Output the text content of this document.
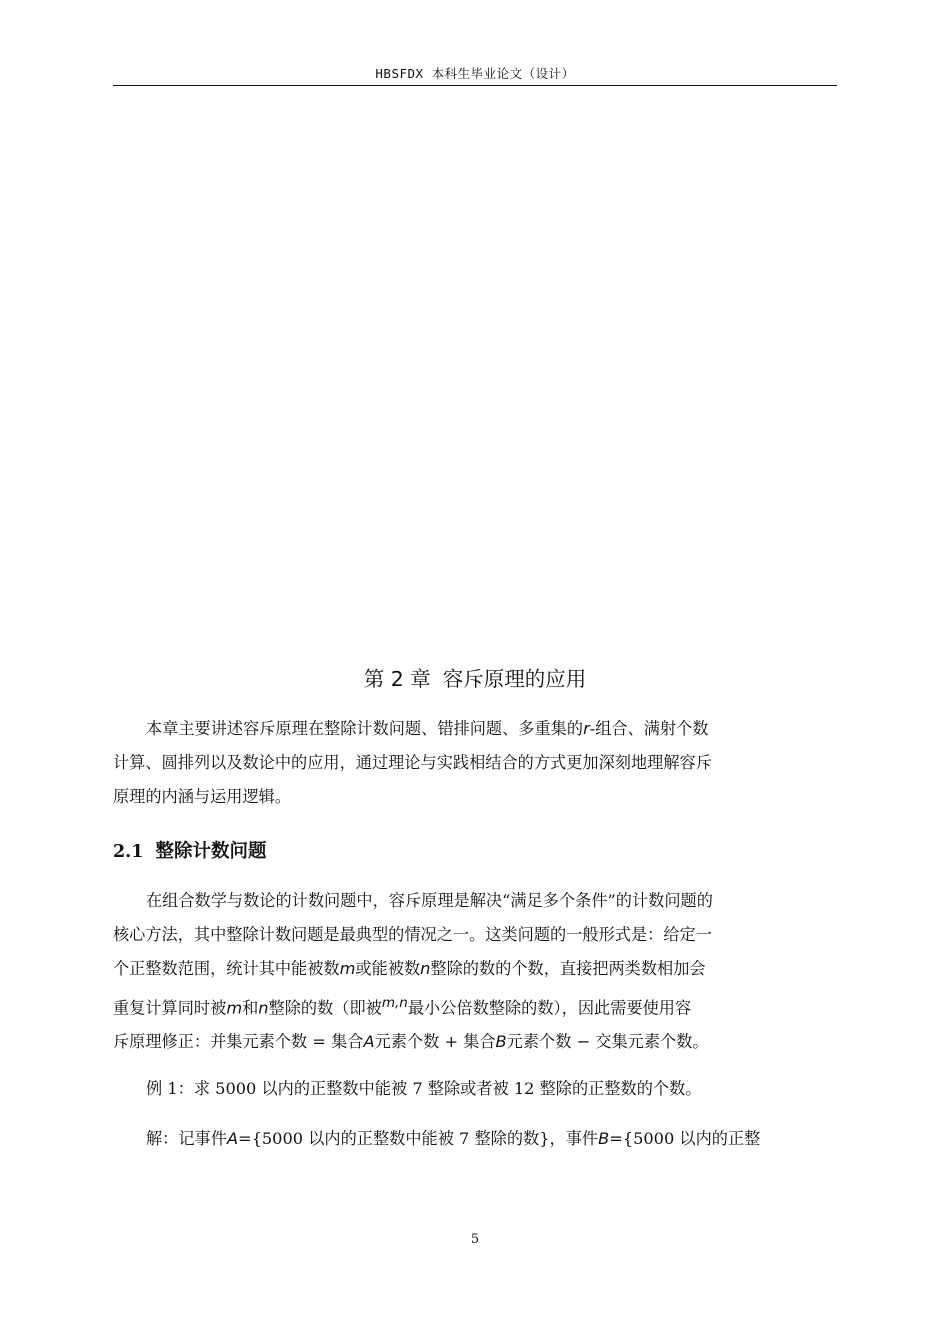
HBSFDX 本科生毕业论文（设计）
第 2 章 容斥原理的应用
本章主要讲述容斥原理在整除计数问题、错排问题、多重集的r-组合、满射个数
计算、圆排列以及数论中的应用，通过理论与实践相结合的方式更加深刻地理解容斥
原理的内涵与运用逻辑。
2.1 整除计数问题
在组合数学与数论的计数问题中，容斥原理是解决“满足多个条件”的计数问题的
核心方法，其中整除计数问题是最典型的情况之一。这类问题的一般形式是：给定一
个正整数范围，统计其中能被数m或能被数n整除的数的个数，直接把两类数相加会
重复计算同时被m和n整除的数（即被$^{m,n}$最小公倍数整除的数），因此需要使用容
斥原理修正：并集元素个数 = 集合A元素个数 + 集合B元素个数 − 交集元素个数。
例 1：求 5000 以内的正整数中能被 7 整除或者被 12 整除的正整数的个数。
解：记事件A={5000 以内的正整数中能被 7 整除的数}，事件B={5000 以内的正整
5
